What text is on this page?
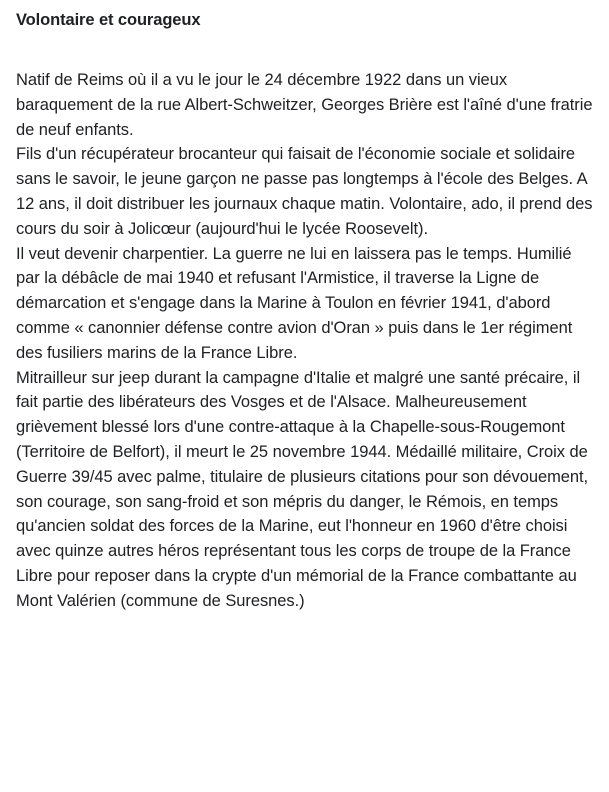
Volontaire et courageux

Natif de Reims où il a vu le jour le 24 décembre 1922 dans un vieux baraquement de la rue Albert-Schweitzer, Georges Brière est l'aîné d'une fratrie de neuf enfants.

Fils d'un récupérateur brocanteur qui faisait de l'économie sociale et solidaire sans le savoir, le jeune garçon ne passe pas longtemps à l'école des Belges. A 12 ans, il doit distribuer les journaux chaque matin. Volontaire, ado, il prend des cours du soir à Jolicœur (aujourd'hui le lycée Roosevelt).

Il veut devenir charpentier. La guerre ne lui en laissera pas le temps. Humilié par la débâcle de mai 1940 et refusant l'Armistice, il traverse la Ligne de démarcation et s'engage dans la Marine à Toulon en février 1941, d'abord comme « canonnier défense contre avion d'Oran » puis dans le 1er régiment des fusiliers marins de la France Libre.

Mitrailleur sur jeep durant la campagne d'Italie et malgré une santé précaire, il fait partie des libérateurs des Vosges et de l'Alsace. Malheureusement grièvement blessé lors d'une contre-attaque à la Chapelle-sous-Rougemont (Territoire de Belfort), il meurt le 25 novembre 1944. Médaillé militaire, Croix de Guerre 39/45 avec palme, titulaire de plusieurs citations pour son dévouement, son courage, son sang-froid et son mépris du danger, le Rémois, en temps qu'ancien soldat des forces de la Marine, eut l'honneur en 1960 d'être choisi avec quinze autres héros représentant tous les corps de troupe de la France Libre pour reposer dans la crypte d'un mémorial de la France combattante au Mont Valérien (commune de Suresnes.)
